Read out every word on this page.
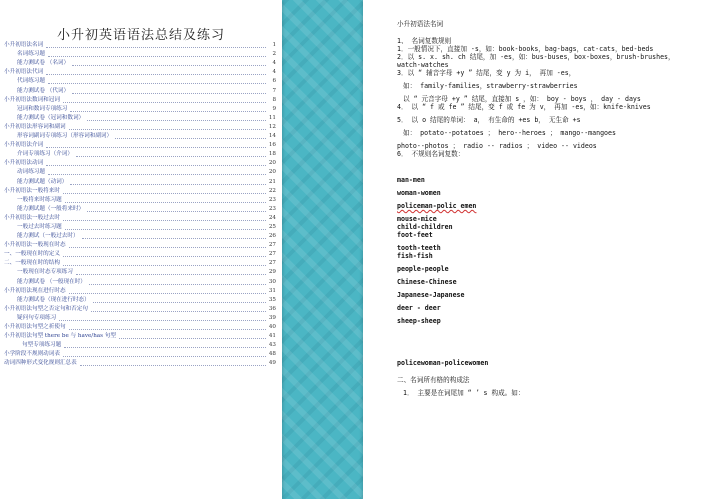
小升初英语语法总结及练习
小升初语法名词	1
名词练习题	2
能力测试卷 （名词）	4
小升初语法代词	4
代词练习题	6
能力测试卷 （代词）	7
小升初语法数词和冠词	8
冠词和数词专项练习	9
能力测试卷（冠词和数词）	11
小升初语法形容词和副词	12
形容词副词专项练习（形容词和副词）	14
小升初语法介词	16
介词专项练习（介词）	18
小升初语法动词	20
动词练习题	20
能力测试题（动词）	21
小升初语法一般将来时	22
一般将来时练习题	23
能力测试题（一般将来时）	23
小升初语法一般过去时	24
一般过去时练习题	25
能力测试（一般过去时）	26
小升初语法一般现在时态	27
一、一般现在时的定义	27
二、一般现在时的结构	27
一般现在时态专项练习	29
能力测试卷 （一般现在时）	30
小升初语法现在进行时态	31
能力测试卷（现在进行时态）	35
小升初语法句型之否定句和否定句	36
疑问句专项练习	39
小升初语法句型之祈使句	40
小升初语法句型 there be 与 have/has 句型	41
句型专项练习题	43
小学阶段不规则动词表	48
动词四种形式变化规则汇总表	49
小升初语法名词
1、 名词复数规则
1．一般情况下，直接加 -s，如：book-books，bag-bags，cat-cats，bed-beds
2．以 s. x. sh. ch 结尾，加 -es，如：bus-buses，box-boxes，brush-brushes，
watch-watches
3．以 “ 辅音字母 +y ” 结尾，变 y 为 i， 再加 -es，
如： family-families，strawberry-strawberries
以 “ 元音字母 +y ” 结尾，直接加 s ，如： boy - boys ， day - days
4． 以 “ f 或 fe ” 结尾，变 f 或 fe 为 v， 再加 -es，如：knife-knives
5． 以 o 结尾的单词： a， 有生命的 +es b， 无生命 +s
如： potato--potatoes ； hero--heroes ； mango--mangoes
photo--photos ； radio -- radios ； video -- videos
6． 不规则名词复数：
man-men
woman-women
policeman-polic emen
mouse-mice
child-children
foot-feet
tooth-teeth
fish-fish
people-people
Chinese-Chinese
Japanese-Japanese
deer - deer
sheep-sheep
policewoman-policewomen
二、名词所有格的构成法
1． 主要是在词尾加 “ ’ s 构成。如：
